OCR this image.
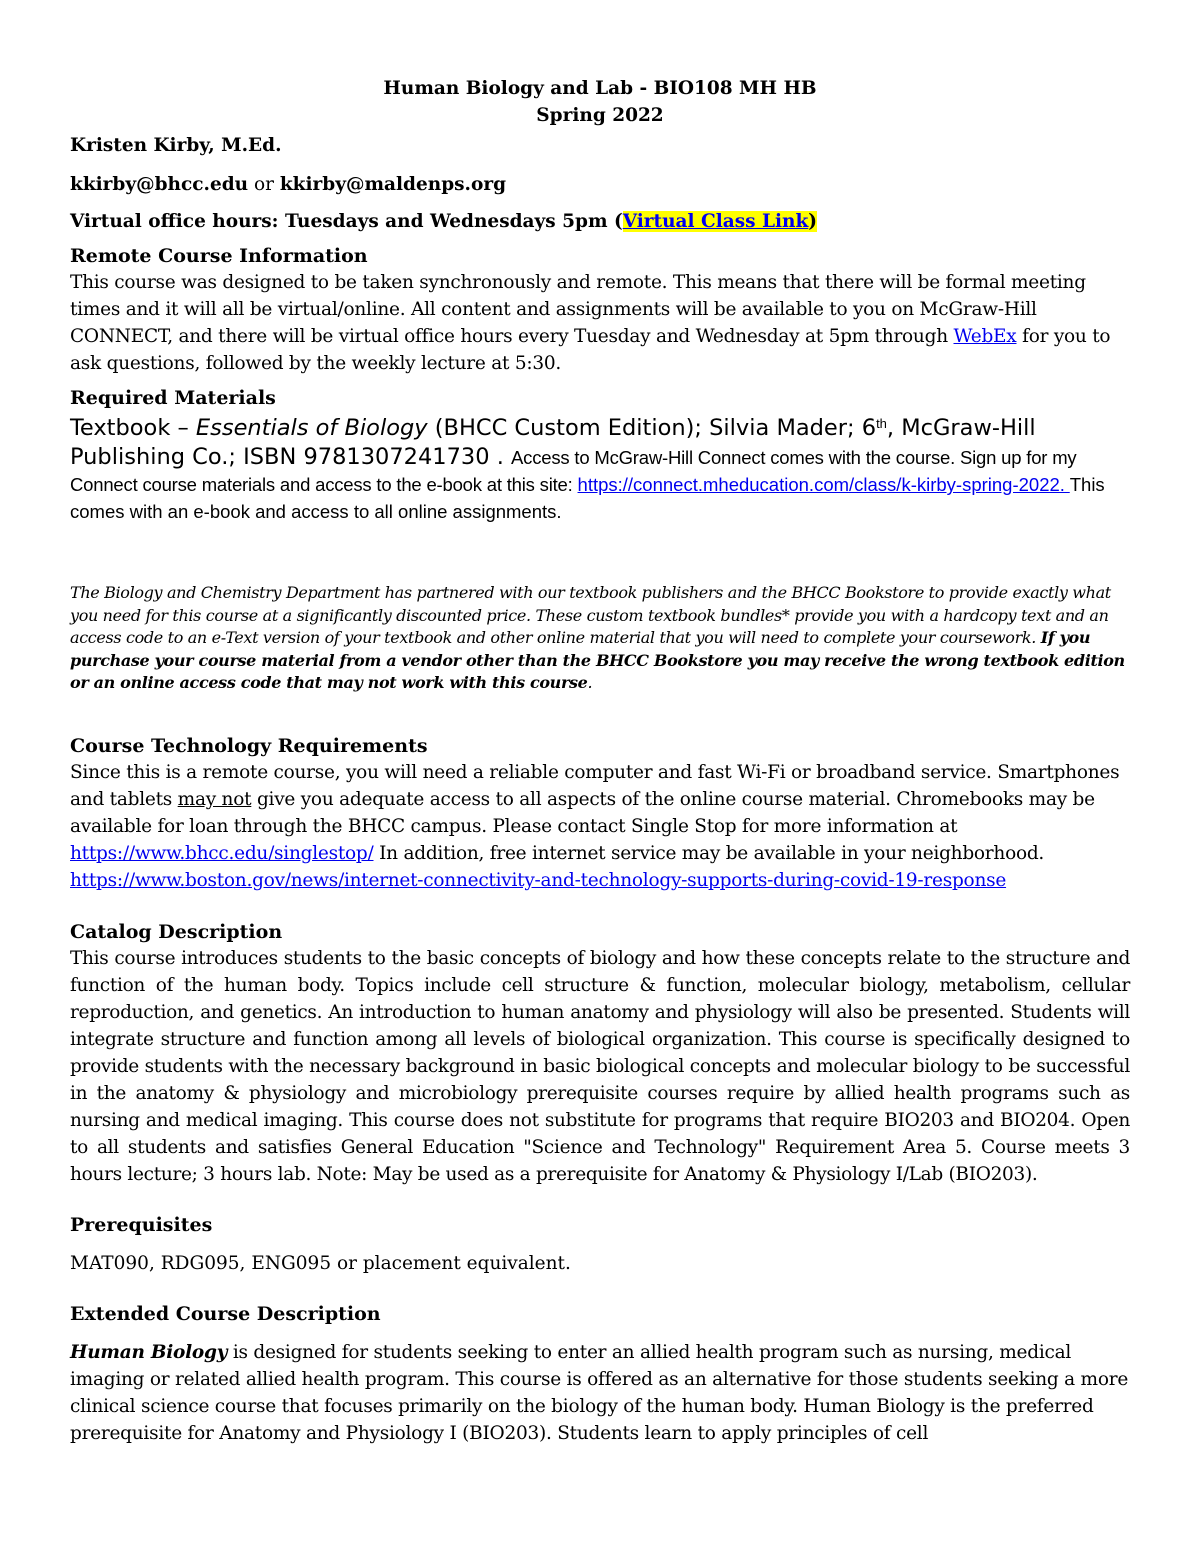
Human Biology and Lab - BIO108 MH HB
Spring 2022

Kristen Kirby, M.Ed.

kkirby@bhcc.edu or kkirby@maldenps.org

Virtual office hours: Tuesdays and Wednesdays 5pm (Virtual Class Link)

Remote Course Information

This course was designed to be taken synchronously and remote. This means that there will be formal meeting times and it will all be virtual/online. All content and assignments will be available to you on McGraw-Hill CONNECT, and there will be virtual office hours every Tuesday and Wednesday at 5pm through WebEx for you to ask questions, followed by the weekly lecture at 5:30.

Required Materials

Textbook – Essentials of Biology (BHCC Custom Edition); Silvia Mader; 6th, McGraw-Hill Publishing Co.; ISBN 9781307241730 . Access to McGraw-Hill Connect comes with the course. Sign up for my Connect course materials and access to the e-book at this site: https://connect.mheducation.com/class/k-kirby-spring-2022. This comes with an e-book and access to all online assignments.

The Biology and Chemistry Department has partnered with our textbook publishers and the BHCC Bookstore to provide exactly what you need for this course at a significantly discounted price. These custom textbook bundles* provide you with a hardcopy text and an access code to an e-Text version of your textbook and other online material that you will need to complete your coursework. If you purchase your course material from a vendor other than the BHCC Bookstore you may receive the wrong textbook edition or an online access code that may not work with this course.

Course Technology Requirements

Since this is a remote course, you will need a reliable computer and fast Wi-Fi or broadband service. Smartphones and tablets may not give you adequate access to all aspects of the online course material. Chromebooks may be available for loan through the BHCC campus. Please contact Single Stop for more information at https://www.bhcc.edu/singlestop/ In addition, free internet service may be available in your neighborhood.
https://www.boston.gov/news/internet-connectivity-and-technology-supports-during-covid-19-response

Catalog Description

This course introduces students to the basic concepts of biology and how these concepts relate to the structure and function of the human body. Topics include cell structure & function, molecular biology, metabolism, cellular reproduction, and genetics. An introduction to human anatomy and physiology will also be presented. Students will integrate structure and function among all levels of biological organization. This course is specifically designed to provide students with the necessary background in basic biological concepts and molecular biology to be successful in the anatomy & physiology and microbiology prerequisite courses require by allied health programs such as nursing and medical imaging. This course does not substitute for programs that require BIO203 and BIO204. Open to all students and satisfies General Education "Science and Technology" Requirement Area 5. Course meets 3 hours lecture; 3 hours lab. Note: May be used as a prerequisite for Anatomy & Physiology I/Lab (BIO203).

Prerequisites

MAT090, RDG095, ENG095 or placement equivalent.

Extended Course Description

Human Biology is designed for students seeking to enter an allied health program such as nursing, medical imaging or related allied health program. This course is offered as an alternative for those students seeking a more clinical science course that focuses primarily on the biology of the human body. Human Biology is the preferred prerequisite for Anatomy and Physiology I (BIO203). Students learn to apply principles of cell
